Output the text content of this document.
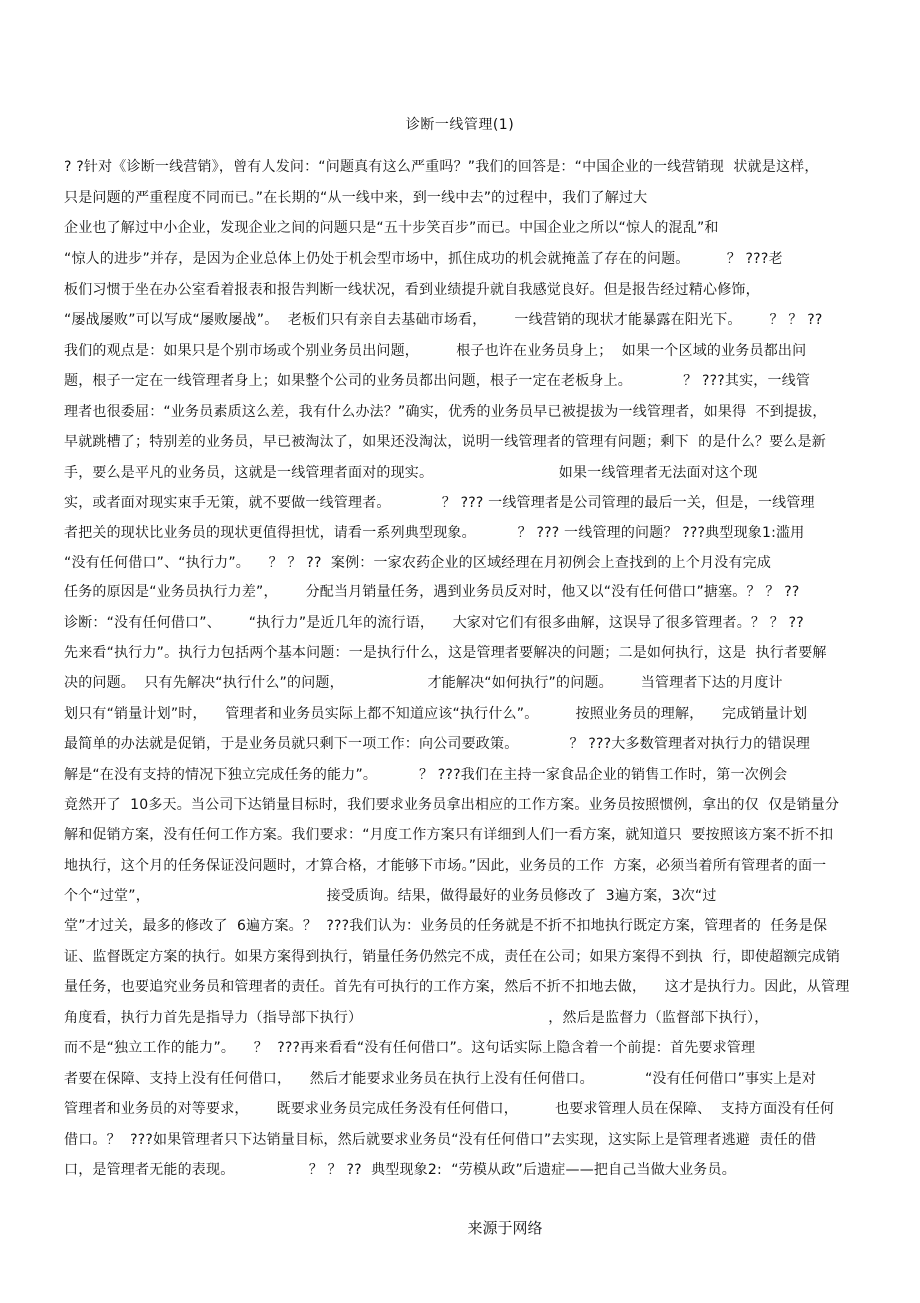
诊断一线管理(1)
? ?针对《诊断一线营销》，曾有人发问：“问题真有这么严重吗？”我们的回答是：“中国企业的一线营销现  状就是这样，
只是问题的严重程度不同而已。”在长期的“从一线中来，到一线中去”的过程中，我们了解过大
企业也了解过中小企业，发现企业之间的问题只是“五十步笑百步”而已。中国企业之所以“惊人的混乱”和
“惊人的进步”并存，是因为企业总体上仍处于机会型市场中，抓住成功的机会就掩盖了存在的问题。        ？ ???老
板们习惯于坐在办公室看着报表和报告判断一线状况，看到业绩提升就自我感觉良好。但是报告经过精心修饰，
“屡战屡败”可以写成“屡败屡战”。  老板们只有亲自去基础市场看，      一线营销的现状才能暴露在阳光下。      ？ ？ ??
我们的观点是：如果只是个别市场或个别业务员出问题，        根子也许在业务员身上；  如果一个区域的业务员都出问
题，根子一定在一线管理者身上；如果整个公司的业务员都出问题，根子一定在老板身上。           ？ ???其实，一线管
理者也很委屈：“业务员素质这么差，我有什么办法？”确实，优秀的业务员早已被提拔为一线管理者，如果得  不到提拔，
早就跳槽了；特别差的业务员，早已被淘汰了，如果还没淘汰，说明一线管理者的管理有问题；剩下  的是什么？要么是新
手，要么是平凡的业务员，这就是一线管理者面对的现实。                           如果一线管理者无法面对这个现
实，或者面对现实束手无策，就不要做一线管理者。           ？ ??? 一线管理者是公司管理的最后一关，但是，一线管理
者把关的现状比业务员的现状更值得担忧，请看一系列典型现象。         ？ ??? 一线管理的问题？ ???典型现象1:滥用
“没有任何借口”、“执行力”。    ？ ？ ??  案例：一家农药企业的区域经理在月初例会上查找到的上个月没有完成
任务的原因是“业务员执行力差”，      分配当月销量任务，遇到业务员反对时，他又以“没有任何借口”搪塞。？ ？ ??
诊断：“没有任何借口”、      “执行力”是近几年的流行语，    大家对它们有很多曲解，这误导了很多管理者。？ ？ ??
先来看“执行力”。执行力包括两个基本问题：一是执行什么，这是管理者要解决的问题；二是如何执行，这是  执行者要解
决的问题。  只有先解决“执行什么”的问题，                  才能解决“如何执行”的问题。      当管理者下达的月度计
划只有“销量计划”时，    管理者和业务员实际上都不知道应该“执行什么”。        按照业务员的理解，    完成销量计划
最简单的办法就是促销，于是业务员就只剩下一项工作：向公司要政策。           ？ ???大多数管理者对执行力的错误理
解是“在没有支持的情况下独立完成任务的能力”。         ？ ???我们在主持一家食品企业的销售工作时，第一次例会
竟然开了  10多天。当公司下达销量目标时，我们要求业务员拿出相应的工作方案。业务员按照惯例，拿出的仅  仅是销量分
解和促销方案，没有任何工作方案。我们要求：“月度工作方案只有详细到人们一看方案，就知道只  要按照该方案不折不扣
地执行，这个月的任务保证没问题时，才算合格，才能够下市场。”因此，业务员的工作  方案，必须当着所有管理者的面一
个个“过堂”，                                      接受质询。结果，做得最好的业务员修改了  3遍方案，3次“过
堂”才过关，最多的修改了  6遍方案。？  ???我们认为：业务员的任务就是不折不扣地执行既定方案，管理者的  任务是保
证、监督既定方案的执行。如果方案得到执行，销量任务仍然完不成，责任在公司；如果方案得不到执  行，即使超额完成销
量任务，也要追究业务员和管理者的责任。首先有可执行的工作方案，然后不折不扣地去做，    这才是执行力。因此，从管理
角度看，执行力首先是指导力（指导部下执行）                                        ，然后是监督力（监督部下执行），
而不是“独立工作的能力”。    ？  ???再来看看“没有任何借口”。这句话实际上隐含着一个前提：首先要求管理
者要在保障、支持上没有任何借口，    然后才能要求业务员在执行上没有任何借口。           “没有任何借口”事实上是对
管理者和业务员的对等要求，      既要求业务员完成任务没有任何借口，        也要求管理人员在保障、  支持方面没有任何
借口。？  ???如果管理者只下达销量目标，然后就要求业务员“没有任何借口”去实现，这实际上是管理者逃避  责任的借
口，是管理者无能的表现。                ？ ？ ??  典型现象2:  “劳模从政”后遗症——把自己当做大业务员。
来源于网络
